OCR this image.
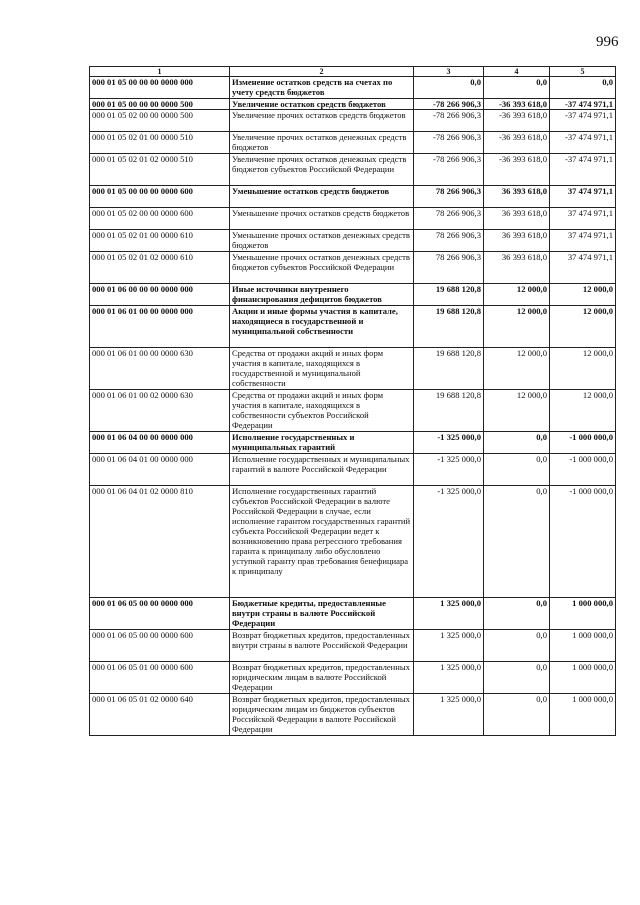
996
1	2	3	4	5
000 01 05 00 00 00 0000 000	Изменение остатков средств на счетах по учету средств бюджетов	0,0	0,0	0,0
000 01 05 00 00 00 0000 500	Увеличение остатков средств бюджетов	-78 266 906,3	-36 393 618,0	-37 474 971,1
000 01 05 02 00 00 0000 500	Увеличение прочих остатков средств бюджетов	-78 266 906,3	-36 393 618,0	-37 474 971,1
000 01 05 02 01 00 0000 510	Увеличение прочих остатков денежных средств бюджетов	-78 266 906,3	-36 393 618,0	-37 474 971,1
000 01 05 02 01 02 0000 510	Увеличение прочих остатков денежных средств бюджетов субъектов Российской Федерации	-78 266 906,3	-36 393 618,0	-37 474 971,1
000 01 05 00 00 00 0000 600	Уменьшение остатков средств бюджетов	78 266 906,3	36 393 618,0	37 474 971,1
000 01 05 02 00 00 0000 600	Уменьшение прочих остатков средств бюджетов	78 266 906,3	36 393 618,0	37 474 971,1
000 01 05 02 01 00 0000 610	Уменьшение прочих остатков денежных средств бюджетов	78 266 906,3	36 393 618,0	37 474 971,1
000 01 05 02 01 02 0000 610	Уменьшение прочих остатков денежных средств бюджетов субъектов Российской Федерации	78 266 906,3	36 393 618,0	37 474 971,1
000 01 06 00 00 00 0000 000	Иные источники внутреннего финансирования дефицитов бюджетов	19 688 120,8	12 000,0	12 000,0
000 01 06 01 00 00 0000 000	Акции и иные формы участия в капитале, находящиеся в государственной и муниципальной собственности	19 688 120,8	12 000,0	12 000,0
000 01 06 01 00 00 0000 630	Средства от продажи акций и иных форм участия в капитале, находящихся в государственной и муниципальной собственности	19 688 120,8	12 000,0	12 000,0
000 01 06 01 00 02 0000 630	Средства от продажи акций и иных форм участия в капитале, находящихся в собственности субъектов Российской Федерации	19 688 120,8	12 000,0	12 000,0
000 01 06 04 00 00 0000 000	Исполнение государственных и муниципальных гарантий	-1 325 000,0	0,0	-1 000 000,0
000 01 06 04 01 00 0000 000	Исполнение государственных и муниципальных гарантий в валюте Российской Федерации	-1 325 000,0	0,0	-1 000 000,0
000 01 06 04 01 02 0000 810	Исполнение государственных гарантий субъектов Российской Федерации в валюте Российской Федерации в случае, если исполнение гарантом государственных гарантий субъекта Российской Федерации ведет к возникновению права регрессного требования гаранта к принципалу либо обусловлено уступкой гаранту прав требования бенефициара к принципалу	-1 325 000,0	0,0	-1 000 000,0
000 01 06 05 00 00 0000 000	Бюджетные кредиты, предоставленные внутри страны в валюте Российской Федерации	1 325 000,0	0,0	1 000 000,0
000 01 06 05 00 00 0000 600	Возврат бюджетных кредитов, предоставленных внутри страны в валюте Российской Федерации	1 325 000,0	0,0	1 000 000,0
000 01 06 05 01 00 0000 600	Возврат бюджетных кредитов, предоставленных юридическим лицам в валюте Российской Федерации	1 325 000,0	0,0	1 000 000,0
000 01 06 05 01 02 0000 640	Возврат бюджетных кредитов, предоставленных юридическим лицам из бюджетов субъектов Российской Федерации в валюте Российской Федерации	1 325 000,0	0,0	1 000 000,0
